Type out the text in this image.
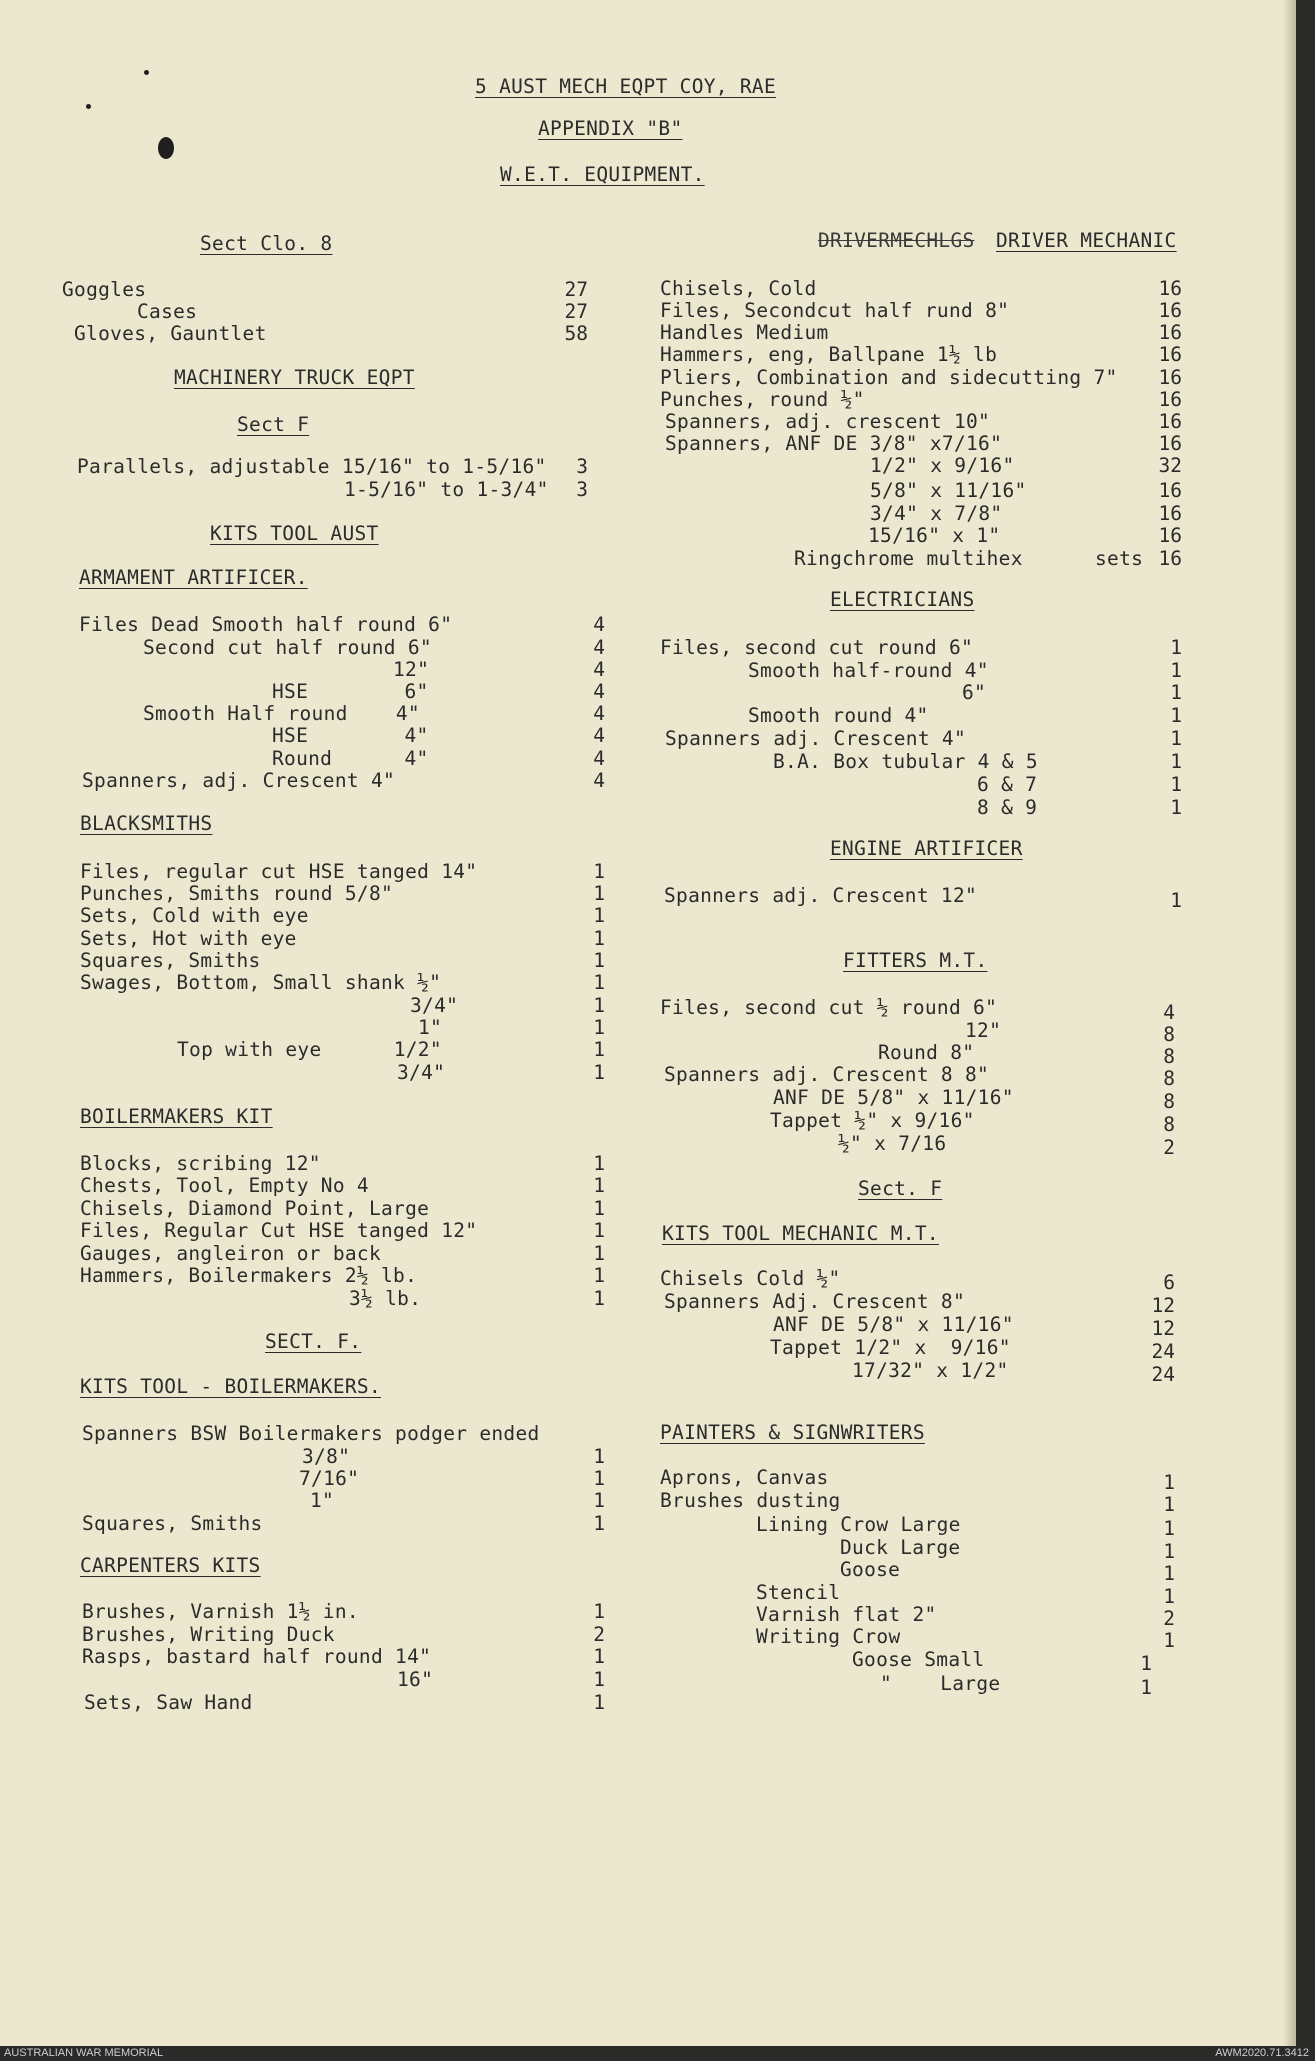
5 AUST MECH EQPT COY, RAE
APPENDIX "B"
W.E.T. EQUIPMENT.
Sect Clo. 8
Goggles	27
Cases	27
Gloves, Gauntlet	58
MACHINERY TRUCK EQPT
Sect F
Parallels, adjustable 15/16" to 1-5/16"	3
1-5/16" to 1-3/4"	3
KITS TOOL AUST
ARMAMENT ARTIFICER.
Files Dead Smooth half round 6"	4
Second cut half round 6"	4
12"	4
HSE        6"	4
Smooth Half round    4"	4
HSE        4"	4
Round      4"	4
Spanners, adj. Crescent 4"	4
BLACKSMITHS
Files, regular cut HSE tanged 14"	1
Punches, Smiths round 5/8"	1
Sets, Cold with eye	1
Sets, Hot with eye	1
Squares, Smiths	1
Swages, Bottom, Small shank ½"	1
3/4"	1
1"	1
Top with eye      1/2"	1
3/4"	1
BOILERMAKERS KIT
Blocks, scribing 12"	1
Chests, Tool, Empty No 4	1
Chisels, Diamond Point, Large	1
Files, Regular Cut HSE tanged 12"	1
Gauges, angleiron or back	1
Hammers, Boilermakers 2½ lb.	1
3½ lb.	1
SECT. F.
KITS TOOL - BOILERMAKERS.
Spanners BSW Boilermakers podger ended
3/8"	1
7/16"	1
1"	1
Squares, Smiths	1
CARPENTERS KITS
Brushes, Varnish 1½ in.	1
Brushes, Writing Duck	2
Rasps, bastard half round 14"	1
16"	1
Sets, Saw Hand	1
DRIVERMECHLGS DRIVER MECHANIC
Chisels, Cold	16
Files, Secondcut half rund 8"	16
Handles Medium	16
Hammers, eng, Ballpane 1½ lb	16
Pliers, Combination and sidecutting 7"	16
Punches, round ½"	16
Spanners, adj. crescent 10"	16
Spanners, ANF DE 3/8" x7/16"	16
1/2" x 9/16"	32
5/8" x 11/16"	16
3/4" x 7/8"	16
15/16" x 1"	16
Ringchrome multihex      sets 16
ELECTRICIANS
Files, second cut round 6"	1
Smooth half-round 4"	1
6"	1
Smooth round 4"	1
Spanners adj. Crescent 4"	1
B.A. Box tubular 4 & 5	1
6 & 7	1
8 & 9	1
ENGINE ARTIFICER
Spanners adj. Crescent 12"	1
FITTERS M.T.
Files, second cut ½ round 6"	4
12"	8
Round 8"	8
Spanners adj. Crescent 8 8"	8
ANF DE 5/8" x 11/16"	8
Tappet ½" x 9/16"	8
½" x 7/16	2
Sect. F
KITS TOOL MECHANIC M.T.
Chisels Cold ½"	6
Spanners Adj. Crescent 8"	12
ANF DE 5/8" x 11/16"	12
Tappet 1/2" x  9/16"	24
17/32" x 1/2"	24
PAINTERS & SIGNWRITERS
Aprons, Canvas	1
Brushes dusting	1
Lining Crow Large	1
Duck Large	1
Goose	1
Stencil	1
Varnish flat 2"	2
Writing Crow	1
Goose Small	1
"    Large	1
AUSTRALIAN WAR MEMORIAL	AWM2020.71.3412
